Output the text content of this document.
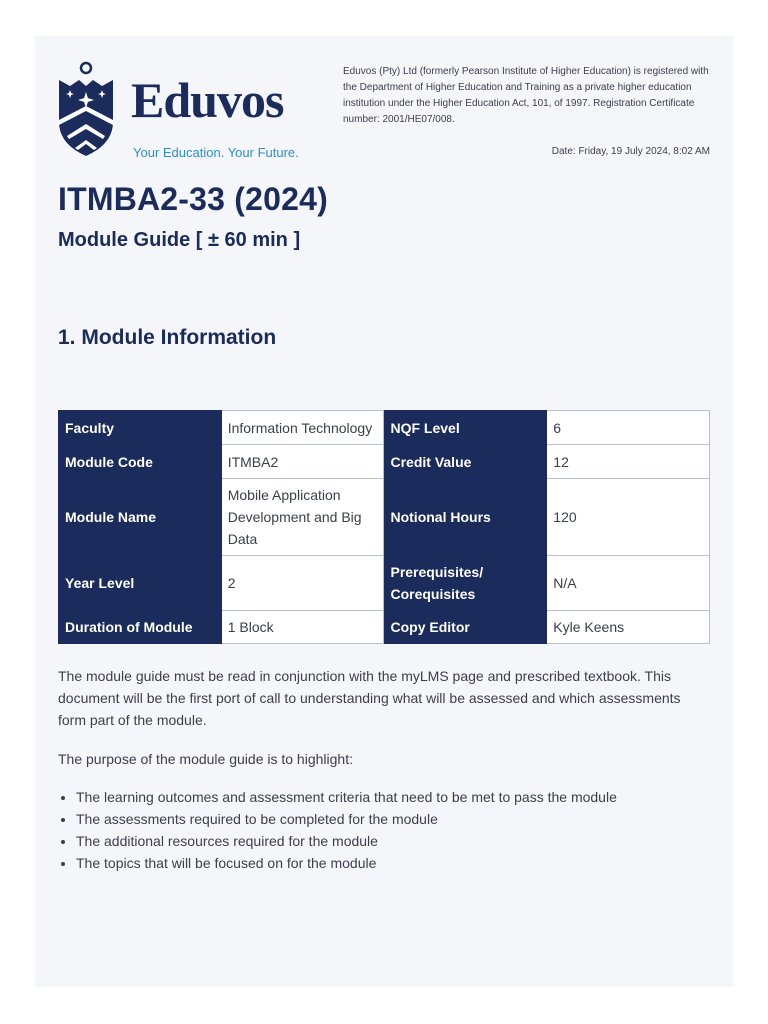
Eduvos
Your Education. Your Future.
Eduvos (Pty) Ltd (formerly Pearson Institute of Higher Education) is registered with the Department of Higher Education and Training as a private higher education institution under the Higher Education Act, 101, of 1997. Registration Certificate number: 2001/HE07/008.
Date: Friday, 19 July 2024, 8:02 AM
ITMBA2-33 (2024)
Module Guide [ ± 60 min ]
1. Module Information
Faculty	Information Technology	NQF Level	6
Module Code	ITMBA2	Credit Value	12
Module Name	Mobile Application Development and Big Data	Notional Hours	120
Year Level	2	Prerequisites/ Corequisites	N/A
Duration of Module	1 Block	Copy Editor	Kyle Keens

The module guide must be read in conjunction with the myLMS page and prescribed textbook. This document will be the first port of call to understanding what will be assessed and which assessments form part of the module.

The purpose of the module guide is to highlight:

• The learning outcomes and assessment criteria that need to be met to pass the module
• The assessments required to be completed for the module
• The additional resources required for the module
• The topics that will be focused on for the module
